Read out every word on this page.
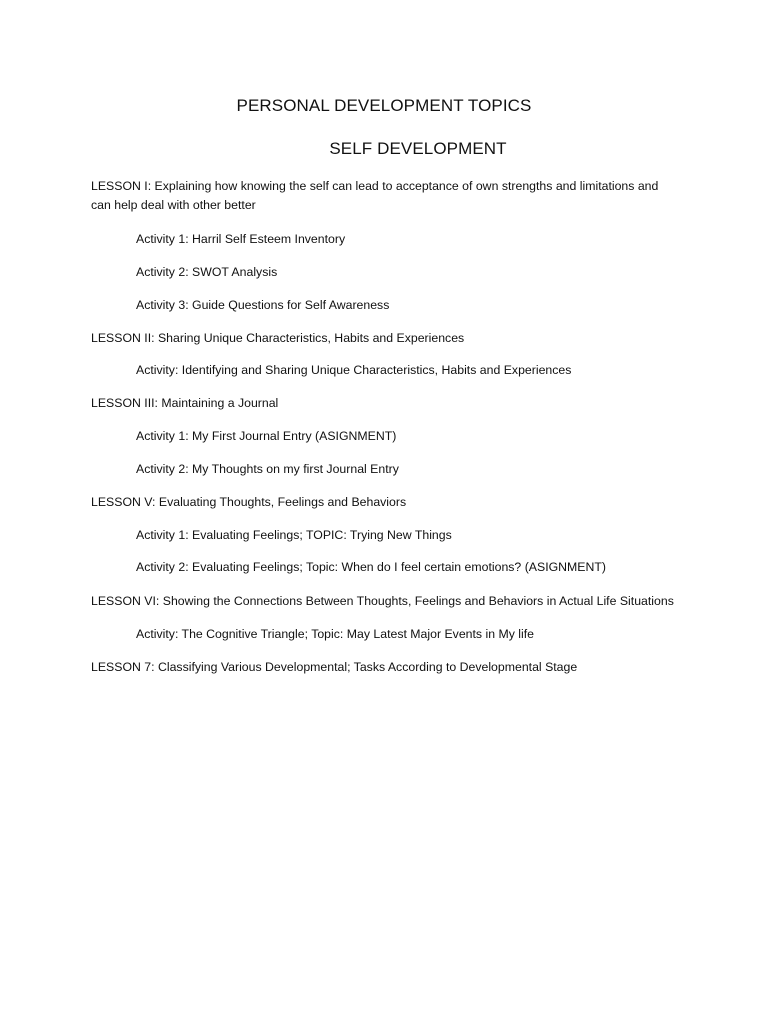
PERSONAL DEVELOPMENT TOPICS
SELF DEVELOPMENT
LESSON I: Explaining how knowing the self can lead to acceptance of own strengths and limitations and
can help deal with other better
Activity 1: Harril Self Esteem Inventory
Activity 2: SWOT Analysis
Activity 3: Guide Questions for Self Awareness
LESSON II: Sharing Unique Characteristics, Habits and Experiences
Activity: Identifying and Sharing Unique Characteristics, Habits and Experiences
LESSON III: Maintaining a Journal
Activity 1: My First Journal Entry (ASIGNMENT)
Activity 2: My Thoughts on my first Journal Entry
LESSON V: Evaluating Thoughts, Feelings and Behaviors
Activity 1: Evaluating Feelings; TOPIC: Trying New Things
Activity 2: Evaluating Feelings; Topic: When do I feel certain emotions? (ASIGNMENT)
LESSON VI: Showing the Connections Between Thoughts, Feelings and Behaviors in Actual Life Situations
Activity: The Cognitive Triangle; Topic: May Latest Major Events in My life
LESSON 7: Classifying Various Developmental; Tasks According to Developmental Stage
